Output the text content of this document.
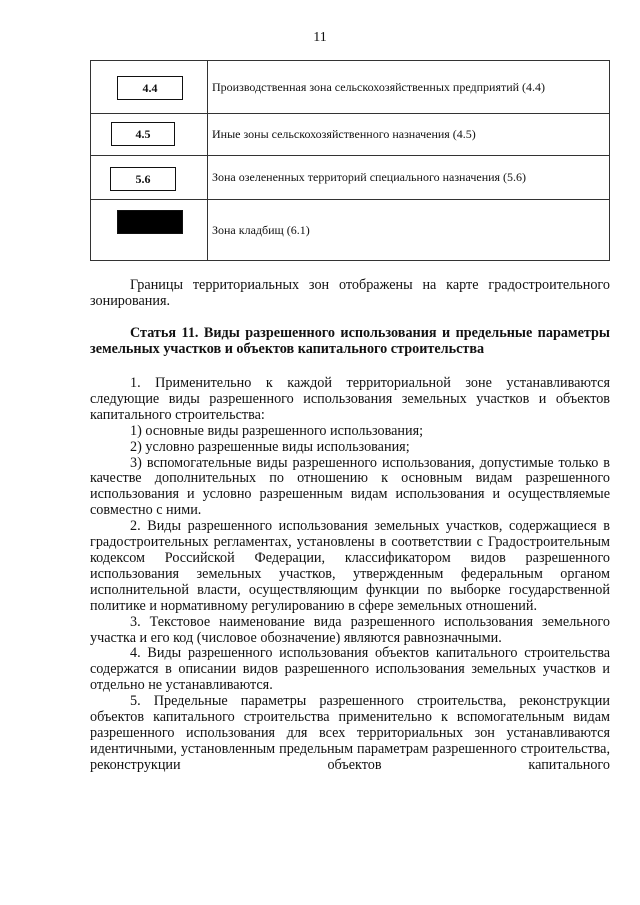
11
4.4	Производственная зона сельскохозяйственных предприятий (4.4)

4.5	Иные зоны сельскохозяйственного назначения (4.5)

5.6	Зона озелененных территорий специального назначения (5.6)

	Зона кладбищ (6.1)

Границы территориальных зон отображены на карте градостроительного зонирования.

Статья 11. Виды разрешенного использования и предельные параметры земельных участков и объектов капитального строительства

1. Применительно к каждой территориальной зоне устанавливаются следующие виды разрешенного использования земельных участков и объектов капитального строительства:

1) основные виды разрешенного использования;

2) условно разрешенные виды использования;

3) вспомогательные виды разрешенного использования, допустимые только в качестве дополнительных по отношению к основным видам разрешенного использования и условно разрешенным видам использования и осуществляемые совместно с ними.

2. Виды разрешенного использования земельных участков, содержащиеся в градостроительных регламентах, установлены в соответствии с Градостроительным кодексом Российской Федерации, классификатором видов разрешенного использования земельных участков, утвержденным федеральным органом исполнительной власти, осуществляющим функции по выборке государственной политике и нормативному регулированию в сфере земельных отношений.

3. Текстовое наименование вида разрешенного использования земельного участка и его код (числовое обозначение) являются равнозначными.

4. Виды разрешенного использования объектов капитального строительства содержатся в описании видов разрешенного использования земельных участков и отдельно не устанавливаются.

5. Предельные параметры разрешенного строительства, реконструкции объектов капитального строительства применительно к вспомогательным видам разрешенного использования для всех территориальных зон устанавливаются идентичными, установленным предельным параметрам разрешенного строительства, реконструкции объектов капитального
